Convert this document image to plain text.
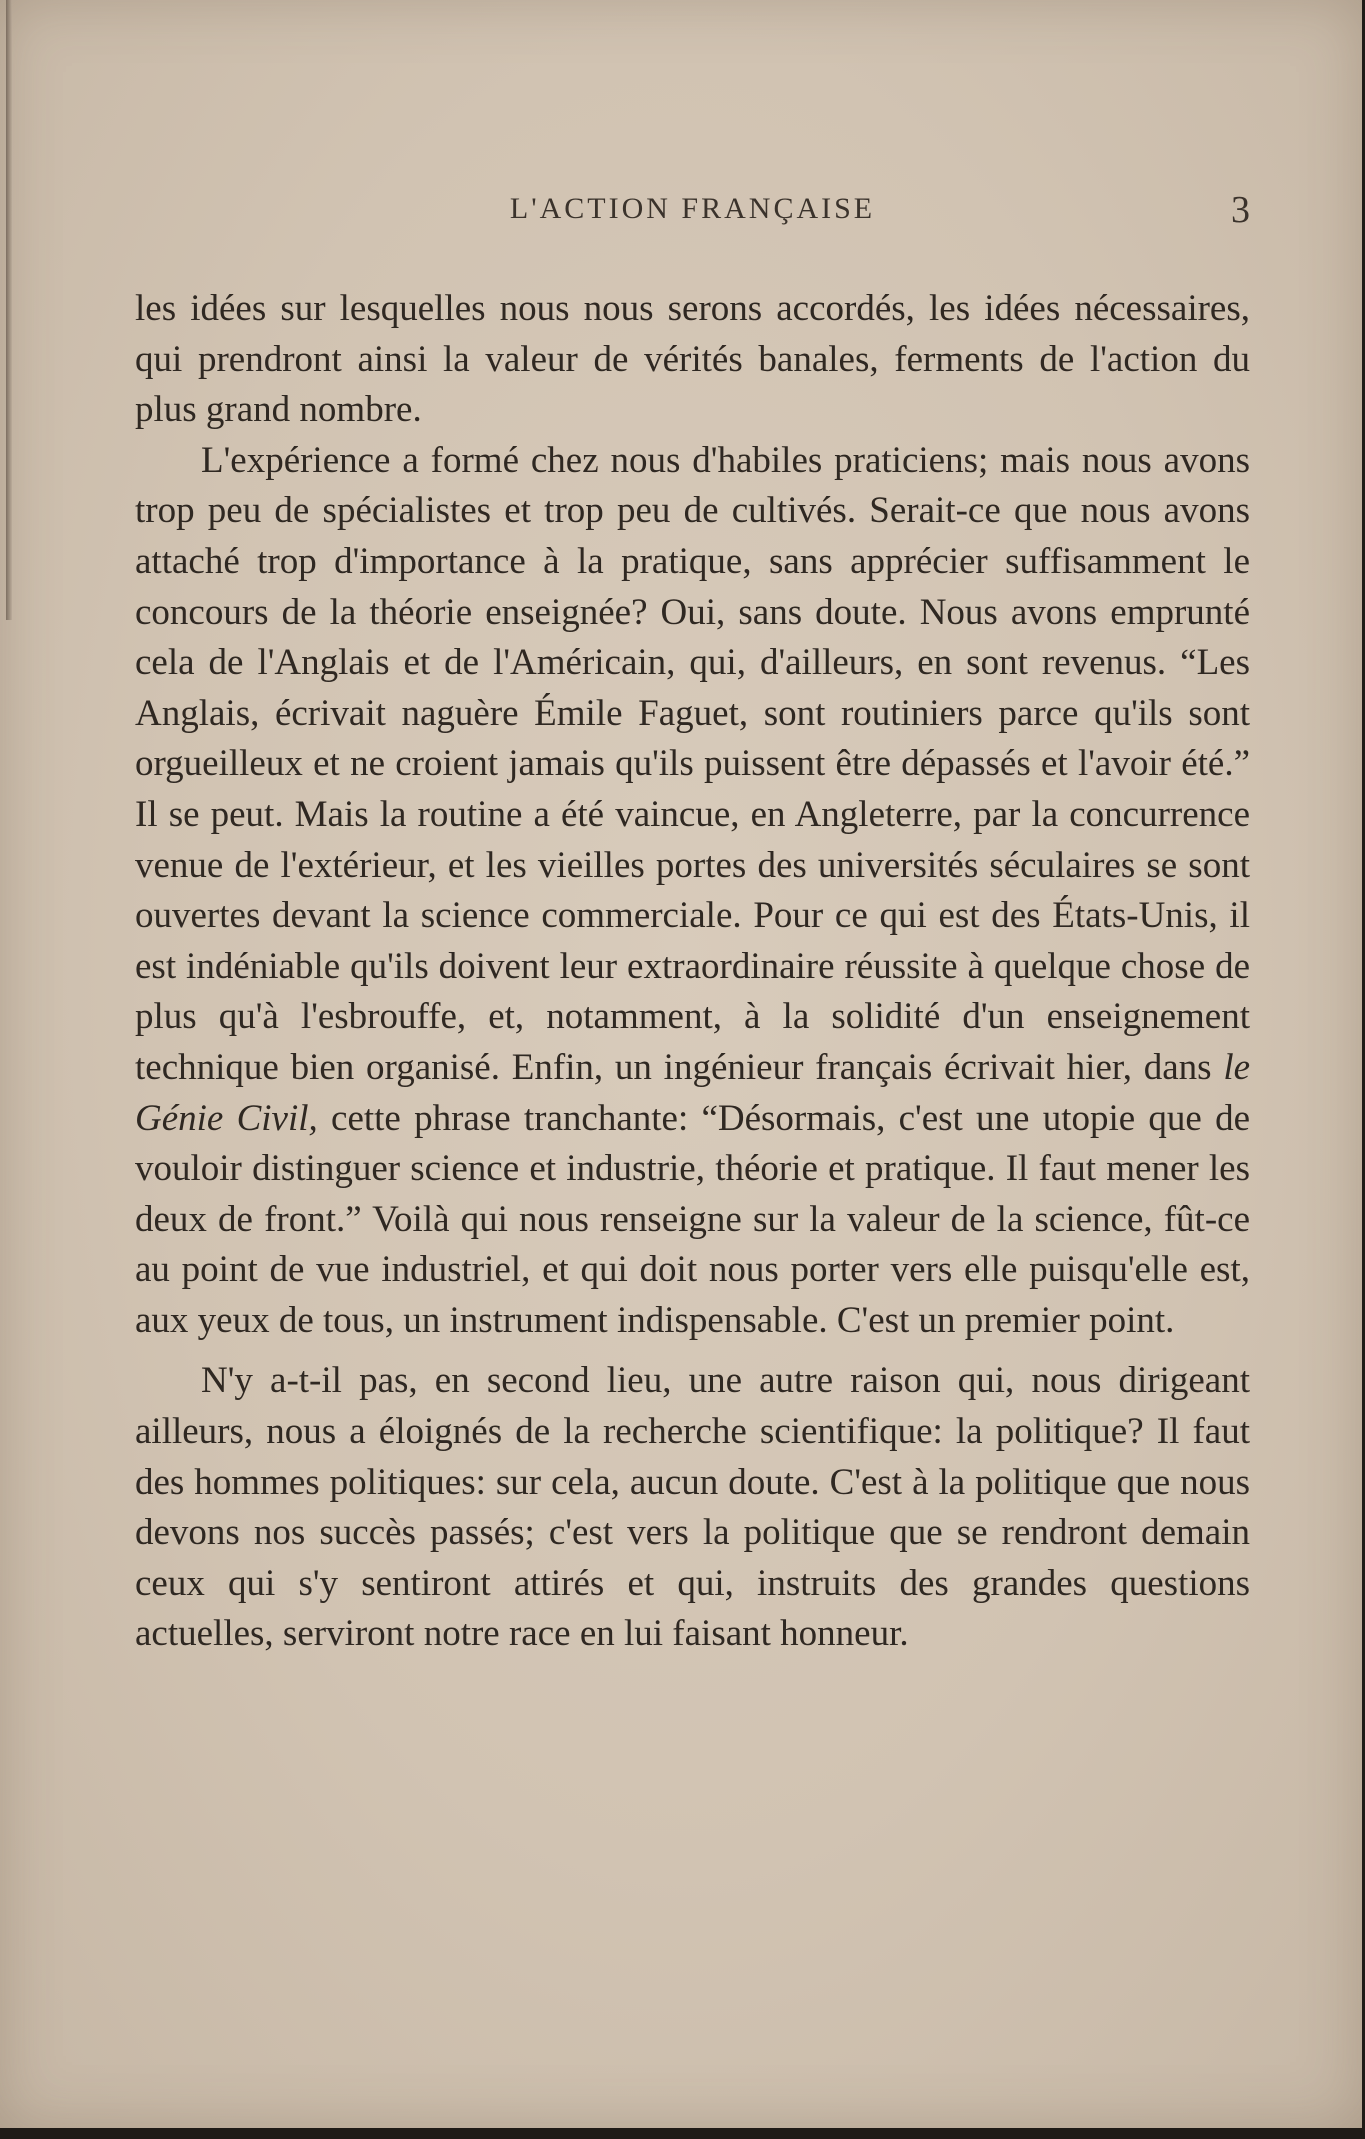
L'ACTION FRANÇAISE	3

les idées sur lesquelles nous nous serons accordés, les idées nécessaires, qui prendront ainsi la valeur de vérités banales, ferments de l'action du plus grand nombre.

L'expérience a formé chez nous d'habiles praticiens; mais nous avons trop peu de spécialistes et trop peu de cultivés. Serait-ce que nous avons attaché trop d'importance à la pratique, sans apprécier suffisamment le concours de la théorie enseignée? Oui, sans doute. Nous avons emprunté cela de l'Anglais et de l'Américain, qui, d'ailleurs, en sont revenus. “Les Anglais, écrivait naguère Émile Faguet, sont routiniers parce qu'ils sont orgueilleux et ne croient jamais qu'ils puissent être dépassés et l'avoir été.” Il se peut. Mais la routine a été vaincue, en Angleterre, par la concurrence venue de l'extérieur, et les vieilles portes des universités séculaires se sont ouvertes devant la science commerciale. Pour ce qui est des États-Unis, il est indéniable qu'ils doivent leur extraordinaire réussite à quelque chose de plus qu'à l'esbrouffe, et, notamment, à la solidité d'un enseignement technique bien organisé. Enfin, un ingénieur français écrivait hier, dans le Génie Civil, cette phrase tranchante: “Désormais, c'est une utopie que de vouloir distinguer science et industrie, théorie et pratique. Il faut mener les deux de front.” Voilà qui nous renseigne sur la valeur de la science, fût-ce au point de vue industriel, et qui doit nous porter vers elle puisqu'elle est, aux yeux de tous, un instrument indispensable. C'est un premier point.

N'y a-t-il pas, en second lieu, une autre raison qui, nous dirigeant ailleurs, nous a éloignés de la recherche scientifique: la politique? Il faut des hommes politiques: sur cela, aucun doute. C'est à la politique que nous devons nos succès passés; c'est vers la politique que se rendront demain ceux qui s'y sentiront attirés et qui, instruits des grandes questions actuelles, serviront notre race en lui faisant honneur.
